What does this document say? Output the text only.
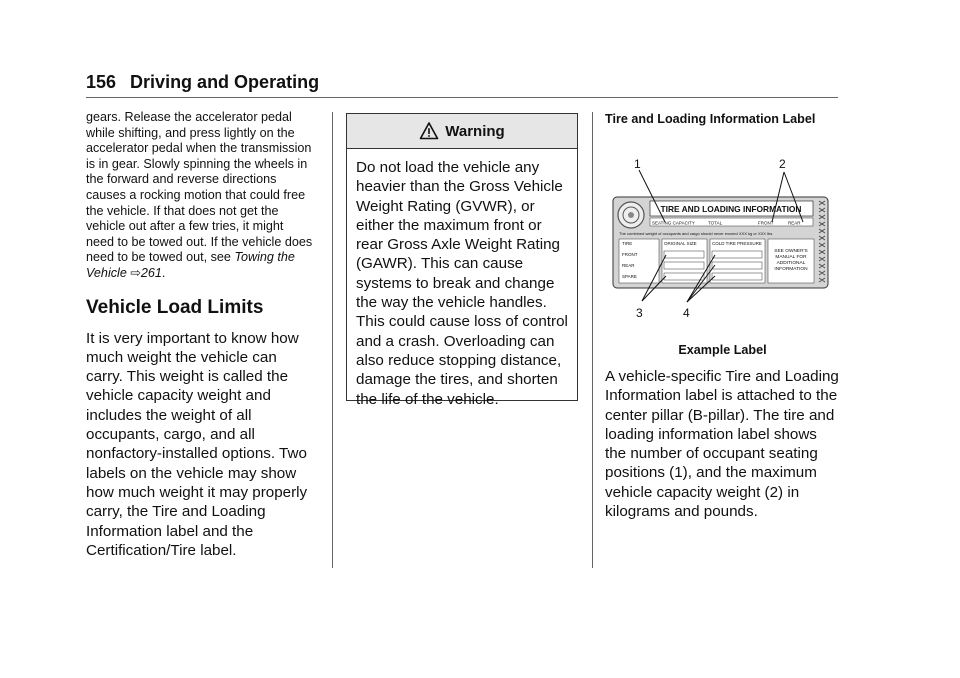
156 Driving and Operating

gears. Release the accelerator pedal while shifting, and press lightly on the accelerator pedal when the transmission is in gear. Slowly spinning the wheels in the forward and reverse directions causes a rocking motion that could free the vehicle. If that does not get the vehicle out after a few tries, it might need to be towed out. If the vehicle does need to be towed out, see Towing the Vehicle ⇨261.

Vehicle Load Limits

It is very important to know how much weight the vehicle can carry. This weight is called the vehicle capacity weight and includes the weight of all occupants, cargo, and all nonfactory-installed options. Two labels on the vehicle may show how much weight it may properly carry, the Tire and Loading Information label and the Certification/Tire label.

Warning
Do not load the vehicle any heavier than the Gross Vehicle Weight Rating (GVWR), or either the maximum front or rear Gross Axle Weight Rating (GAWR). This can cause systems to break and change the way the vehicle handles. This could cause loss of control and a crash. Overloading can also reduce stopping distance, damage the tires, and shorten the life of the vehicle.

Tire and Loading Information Label

TIRE AND LOADING INFORMATION
SEATING CAPACITY	TOTAL	FRONT	REAR
The combined weight of occupants and cargo should never exceed XXX kg or XXX lbs.
TIRE	ORIGINAL SIZE	COLD TIRE PRESSURE
FRONT
REAR
SPARE
SEE OWNER'S
MANUAL FOR
ADDITIONAL
INFORMATION
1	2
3	4
Example Label

A vehicle-specific Tire and Loading Information label is attached to the center pillar (B-pillar). The tire and loading information label shows the number of occupant seating positions (1), and the maximum vehicle capacity weight (2) in kilograms and pounds.
